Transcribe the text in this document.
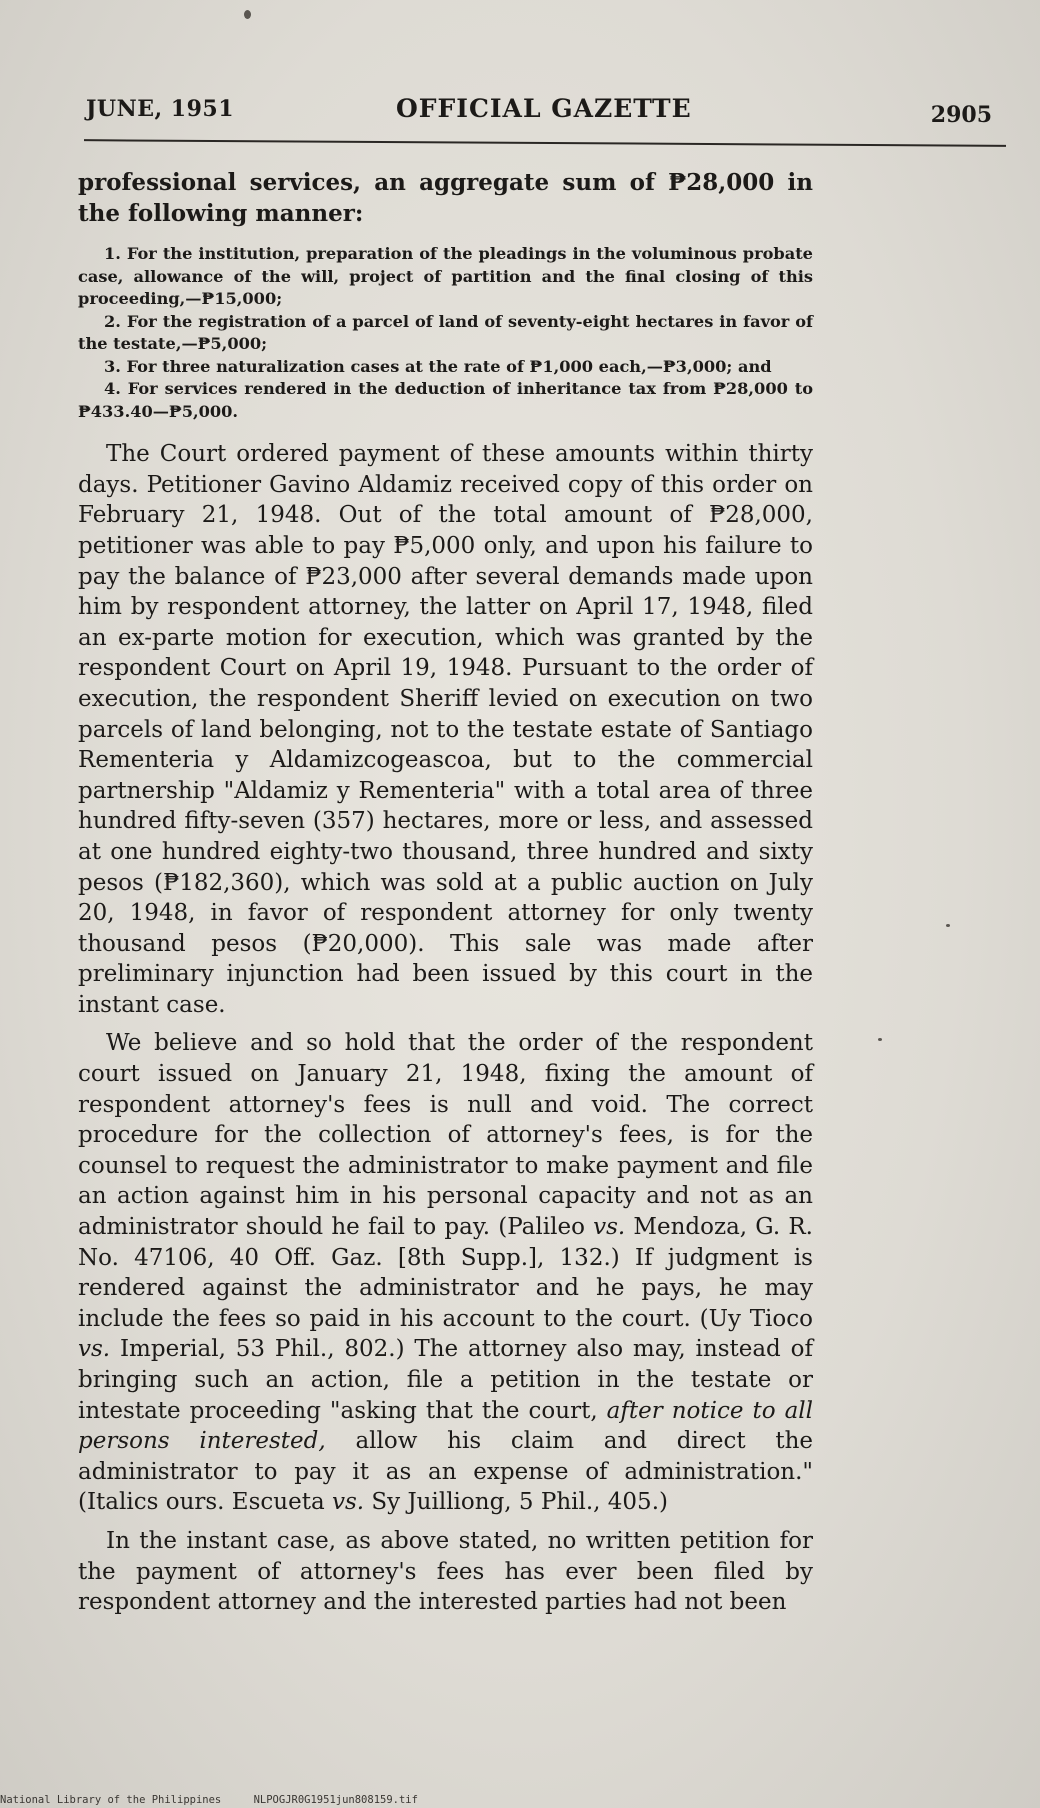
JUNE, 1951	OFFICIAL GAZETTE	2905

professional services, an aggregate sum of ₱28,000 in the following manner:

1. For the institution, preparation of the pleadings in the voluminous probate case, allowance of the will, project of partition and the final closing of this proceeding,—₱15,000;
2. For the registration of a parcel of land of seventy-eight hectares in favor of the testate,—₱5,000;
3. For three naturalization cases at the rate of ₱1,000 each,—₱3,000; and
4. For services rendered in the deduction of inheritance tax from ₱28,000 to ₱433.40—₱5,000.

The Court ordered payment of these amounts within thirty days. Petitioner Gavino Aldamiz received copy of this order on February 21, 1948. Out of the total amount of ₱28,000, petitioner was able to pay ₱5,000 only, and upon his failure to pay the balance of ₱23,000 after several demands made upon him by respondent attorney, the latter on April 17, 1948, filed an ex-parte motion for execution, which was granted by the respondent Court on April 19, 1948. Pursuant to the order of execution, the respondent Sheriff levied on execution on two parcels of land belonging, not to the testate estate of Santiago Rementeria y Aldamizcogeascoa, but to the commercial partnership "Aldamiz y Rementeria" with a total area of three hundred fifty-seven (357) hectares, more or less, and assessed at one hundred eighty-two thousand, three hundred and sixty pesos (₱182,360), which was sold at a public auction on July 20, 1948, in favor of respondent attorney for only twenty thousand pesos (₱20,000). This sale was made after preliminary injunction had been issued by this court in the instant case.

We believe and so hold that the order of the respondent court issued on January 21, 1948, fixing the amount of respondent attorney's fees is null and void. The correct procedure for the collection of attorney's fees, is for the counsel to request the administrator to make payment and file an action against him in his personal capacity and not as an administrator should he fail to pay. (Palileo vs. Mendoza, G. R. No. 47106, 40 Off. Gaz. [8th Supp.], 132.) If judgment is rendered against the administrator and he pays, he may include the fees so paid in his account to the court. (Uy Tioco vs. Imperial, 53 Phil., 802.) The attorney also may, instead of bringing such an action, file a petition in the testate or intestate proceeding "asking that the court, after notice to all persons interested, allow his claim and direct the administrator to pay it as an expense of administration." (Italics ours. Escueta vs. Sy Juilliong, 5 Phil., 405.)

In the instant case, as above stated, no written petition for the payment of attorney's fees has ever been filed by respondent attorney and the interested parties had not been

National Library of the Philippines	NLPOGJR0G1951jun808159.tif
